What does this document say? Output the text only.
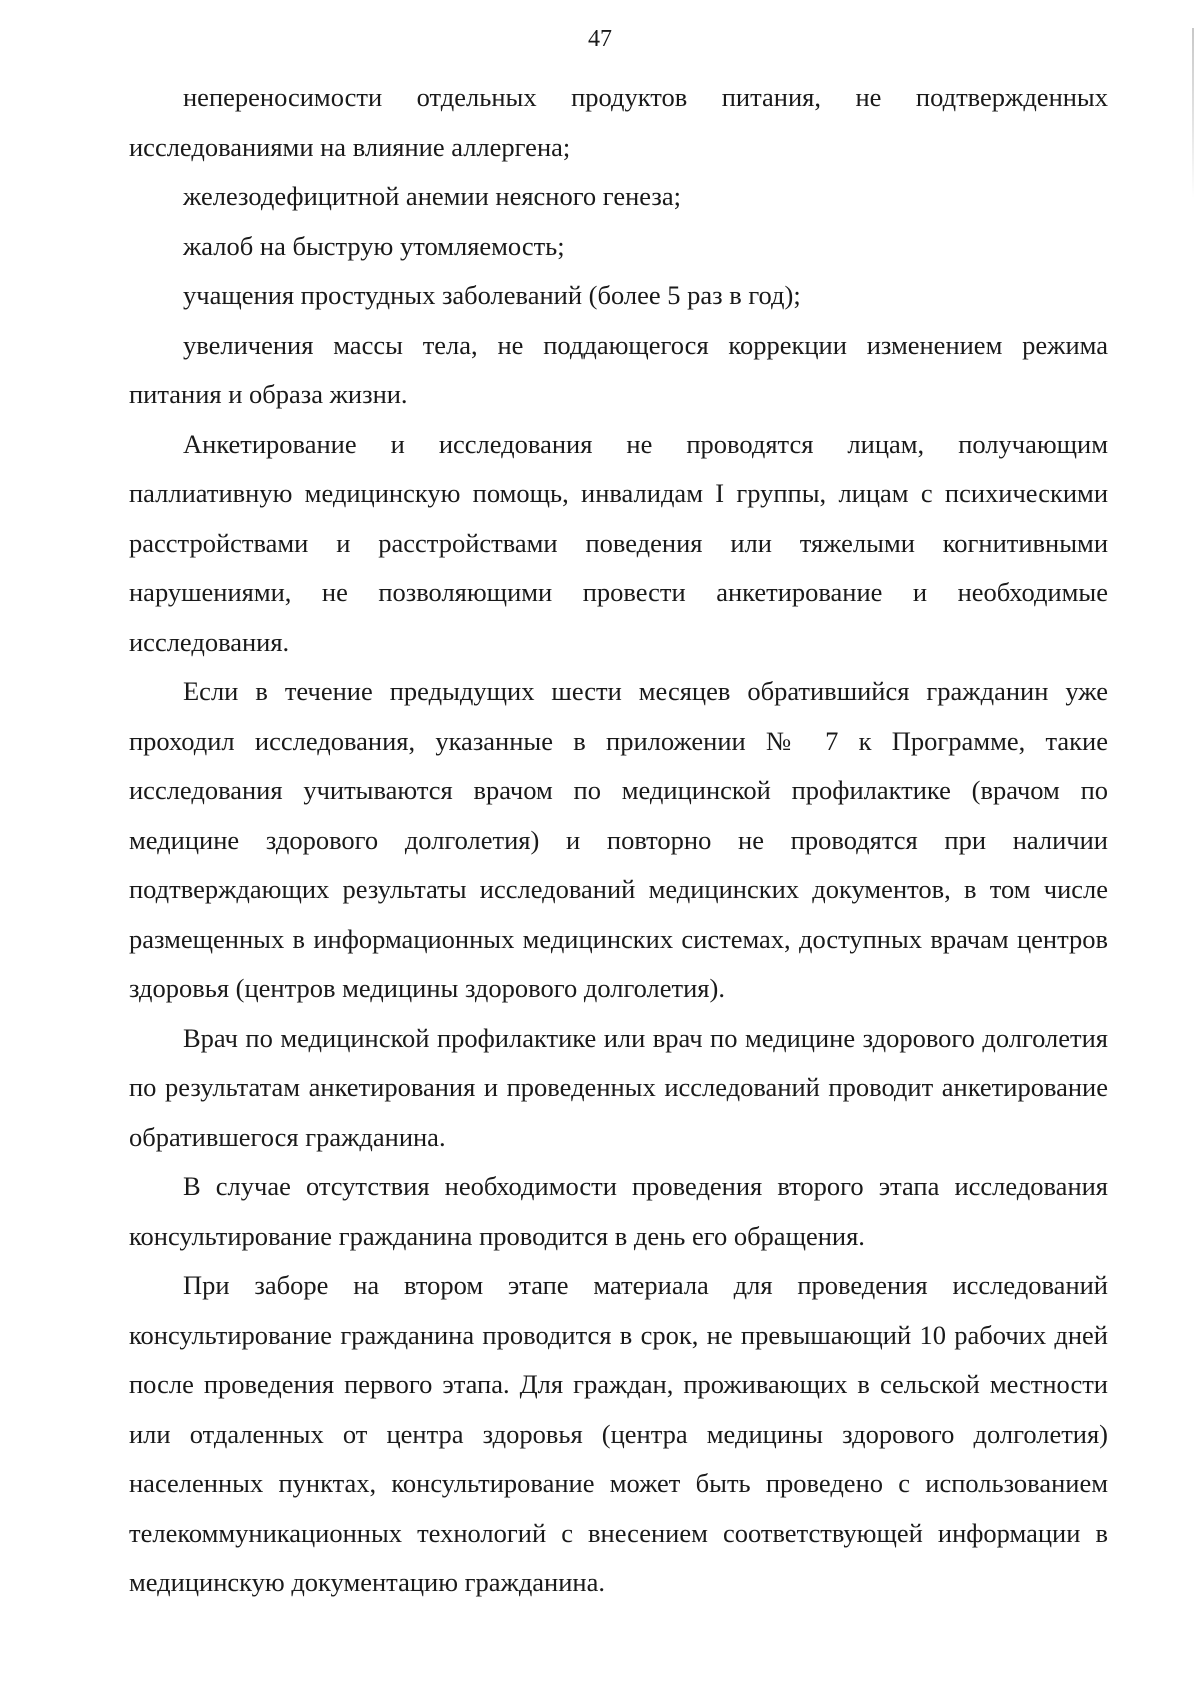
47

непереносимости отдельных продуктов питания, не подтвержденных исследованиями на влияние аллергена;

железодефицитной анемии неясного генеза;

жалоб на быструю утомляемость;

учащения простудных заболеваний (более 5 раз в год);

увеличения массы тела, не поддающегося коррекции изменением режима питания и образа жизни.

Анкетирование и исследования не проводятся лицам, получающим паллиативную медицинскую помощь, инвалидам I группы, лицам с психическими расстройствами и расстройствами поведения или тяжелыми когнитивными нарушениями, не позволяющими провести анкетирование и необходимые исследования.

Если в течение предыдущих шести месяцев обратившийся гражданин уже проходил исследования, указанные в приложении № 7 к Программе, такие исследования учитываются врачом по медицинской профилактике (врачом по медицине здорового долголетия) и повторно не проводятся при наличии подтверждающих результаты исследований медицинских документов, в том числе размещенных в информационных медицинских системах, доступных врачам центров здоровья (центров медицины здорового долголетия).

Врач по медицинской профилактике или врач по медицине здорового долголетия по результатам анкетирования и проведенных исследований проводит анкетирование обратившегося гражданина.

В случае отсутствия необходимости проведения второго этапа исследования консультирование гражданина проводится в день его обращения.

При заборе на втором этапе материала для проведения исследований консультирование гражданина проводится в срок, не превышающий 10 рабочих дней после проведения первого этапа. Для граждан, проживающих в сельской местности или отдаленных от центра здоровья (центра медицины здорового долголетия) населенных пунктах, консультирование может быть проведено с использованием телекоммуникационных технологий с внесением соответствующей информации в медицинскую документацию гражданина.
